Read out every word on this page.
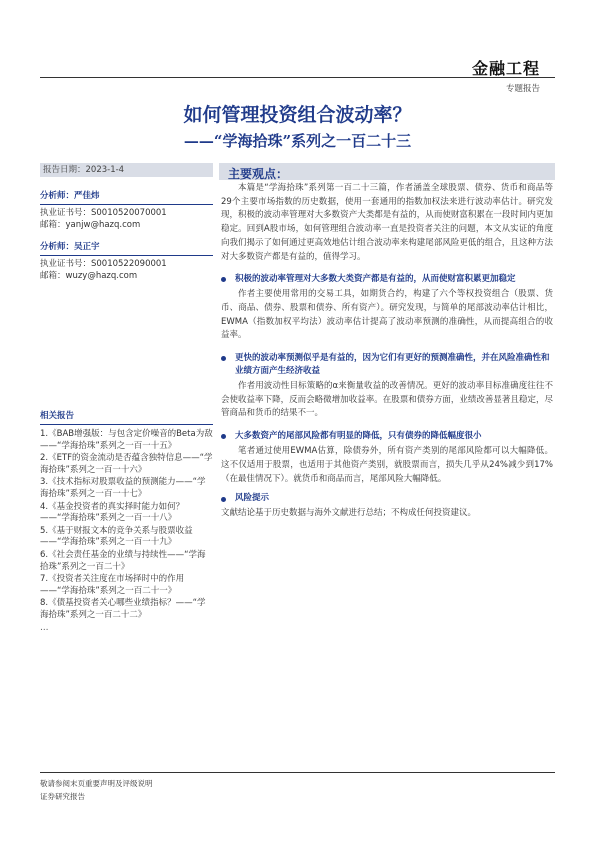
金融工程
专题报告
如何管理投资组合波动率？
——“学海拾珠”系列之一百二十三
报告日期：2023-1-4	主要观点：
分析师：严佳炜
执业证书号：S0010520070001
邮箱：yanjw@hazq.com
分析师：吴正宇
执业证书号：S0010522090001
邮箱：wuzy@hazq.com
相关报告
1.《BAB增强版：与包含定价噪音的Beta为敌——“学海拾珠”系列之一百一十五》
2.《ETF的资金流动是否蕴含独特信息——“学海拾珠”系列之一百一十六》
3.《技术指标对股票收益的预测能力——“学海拾珠”系列之一百一十七》
4.《基金投资者的真实择时能力如何？——“学海拾珠”系列之一百一十八》
5.《基于财报文本的竞争关系与股票收益——“学海拾珠”系列之一百一十九》
6.《社会责任基金的业绩与持续性——“学海拾珠”系列之一百二十》
7.《投资者关注度在市场择时中的作用——“学海拾珠”系列之一百二十一》
8.《债基投资者关心哪些业绩指标？——“学海拾珠”系列之一百二十二》
…

本篇是“学海拾珠”系列第一百二十三篇，作者涵盖全球股票、债券、货币和商品等29个主要市场指数的历史数据，使用一套通用的指数加权法来进行波动率估计。研究发现，积极的波动率管理对大多数资产大类都是有益的，从而使财富积累在一段时间内更加稳定。回到A股市场，如何管理组合波动率一直是投资者关注的问题，本文从实证的角度向我们揭示了如何通过更高效地估计组合波动率来构建尾部风险更低的组合，且这种方法对大多数资产都是有益的，值得学习。

积极的波动率管理对大多数大类资产都是有益的，从而使财富积累更加稳定

作者主要使用常用的交易工具，如期货合约，构建了六个等权投资组合（股票、货币、商品、债券、股票和债券、所有资产）。研究发现，与简单的尾部波动率估计相比，EWMA（指数加权平均法）波动率估计提高了波动率预测的准确性，从而提高组合的收益率。

更快的波动率预测似乎是有益的，因为它们有更好的预测准确性，并在风险准确性和业绩方面产生经济收益

作者用波动性目标策略的α来衡量收益的改善情况。更好的波动率目标准确度往往不会使收益率下降，反而会略微增加收益率。在股票和债券方面，业绩改善显著且稳定，尽管商品和货币的结果不一。

大多数资产的尾部风险都有明显的降低，只有债券的降低幅度很小

笔者通过使用EWMA估算，除债券外，所有资产类别的尾部风险都可以大幅降低。这不仅适用于股票，也适用于其他资产类别，就股票而言，损失几乎从24%减少到17%（在最佳情况下）。就货币和商品而言，尾部风险大幅降低。

风险提示

文献结论基于历史数据与海外文献进行总结；不构成任何投资建议。

敬请参阅末页重要声明及评级说明
证券研究报告
